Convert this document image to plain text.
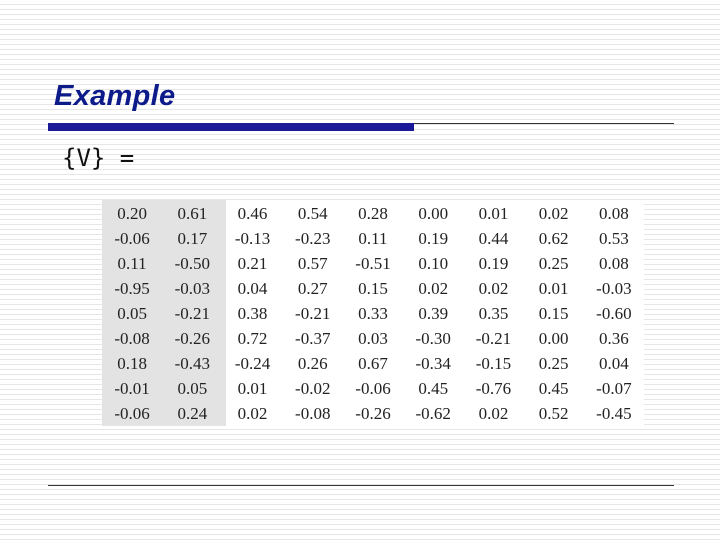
Example
{V} =
0.20	0.61	0.46	0.54	0.28	0.00	0.01	0.02	0.08
-0.06	0.17	-0.13	-0.23	0.11	0.19	0.44	0.62	0.53
0.11	-0.50	0.21	0.57	-0.51	0.10	0.19	0.25	0.08
-0.95	-0.03	0.04	0.27	0.15	0.02	0.02	0.01	-0.03
0.05	-0.21	0.38	-0.21	0.33	0.39	0.35	0.15	-0.60
-0.08	-0.26	0.72	-0.37	0.03	-0.30	-0.21	0.00	0.36
0.18	-0.43	-0.24	0.26	0.67	-0.34	-0.15	0.25	0.04
-0.01	0.05	0.01	-0.02	-0.06	0.45	-0.76	0.45	-0.07
-0.06	0.24	0.02	-0.08	-0.26	-0.62	0.02	0.52	-0.45
